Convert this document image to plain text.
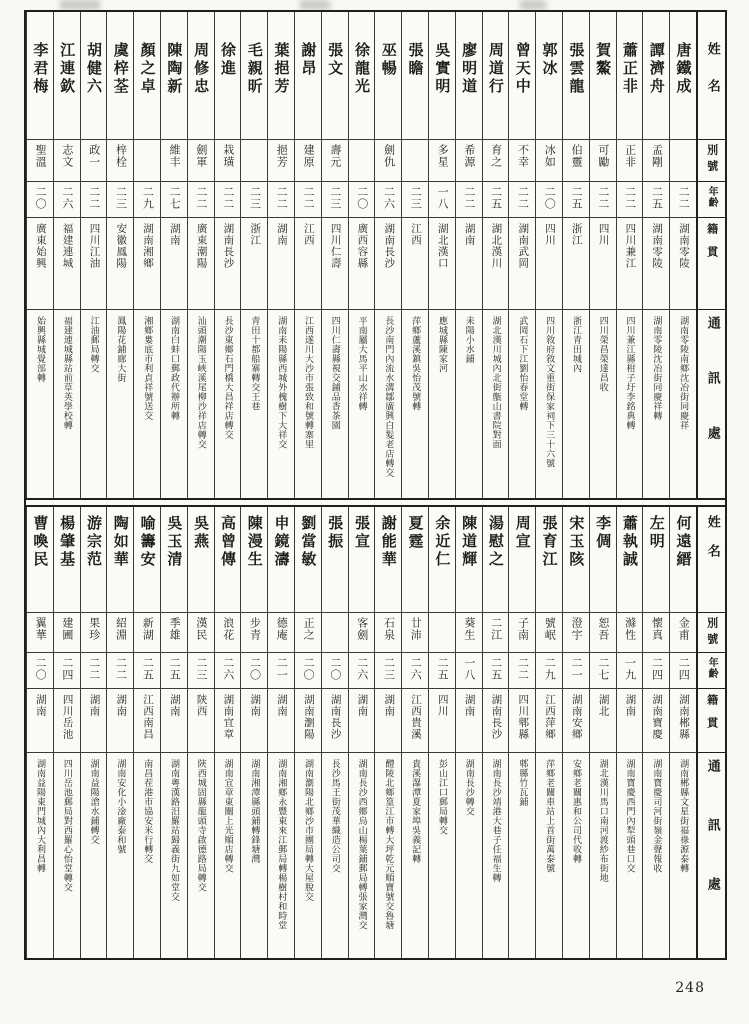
姓名
別號
年齡
籍貫
通訊處
唐鐵成
二二
湖南零陵
湖南零陵南鄉沈冶街同慶祥
譚濟舟
孟剛
二五
湖南零陵
湖南零陵沈冶街同慶祥轉
蕭正非
正非
二二
四川兼江
四川兼江縣柑子圩李銘典轉
賀鰲
可勵
二二
四川
四川榮昌榮達昌收
張雲龍
伯靈
二五
浙江
浙江青田城內
郭冰
冰如
二〇
四川
四川敘府敘文重街保家祠下三十六號
曾天中
不幸
二二
湖南武岡
武岡石下江劉怡春堂轉
周道行
育之
二五
湖北漢川
湖北漢川城內北街甑山書院對面
廖明道
希源
二二
湖南
耒陽小水鋪
吳實明
多星
一八
湖北漢口
應城縣陳家河
張瞻
二三
江西
萍鄉蘆溪鎮吳怡茂號轉
巫暢
劍仇
二六
湖南長沙
長沙南門內流水溝鄒廣興白髮老店轉交
徐龍光
二〇
廣西容縣
平南屬大馬平山水祥轉
張文
壽元
二三
四川仁壽
四川仁壽縣視交鋪品香茶園
謝昂
建原
二二
江西
江西遂川大沙市張致和號轉寨里
葉挹芳
挹芳
二二
湖南
湖南耒陽縣西城外槐樹下大祥交
毛親昕
二三
浙江
青田十都船寨轉交王巷
徐進
栽璜
二二
湖南長沙
長沙東鄉石門橋大昌祥店轉交
周修忠
劍軍
二二
廣東潮陽
汕頭潮陽玉峽溪尾柳沙祥店轉交
陳陶新
維丰
二七
湖南
湖南白蚌口郵政代辦所轉
顏之卓
二九
湖南湘鄉
湘鄉婁底市利貞祥號送交
虞梓荃
梓栓
二三
安徽鳳陽
鳳陽花鋪廊大街
胡健六
政一
二二
四川江油
江油郵局轉交
江連欽
志文
二六
福建連城
福建連城縣站前草英學校轉
李君梅
聖溫
二〇
廣東始興
始興縣城覺部轉
姓名
別號
年齡
籍貫
通訊處
何遠縉
金甫
二四
湖南郴縣
湖南郴縣文星街福祿源泰轉
左明
懷真
二四
湖南寶慶
湖南寶慶司河街嶺金聲報收
蕭執誠
滌性
一九
湖南
湖南寶慶西門內犁頭巷口交
李倜
恕吾
二七
湖北
湖北漢川馬口南河渡紗布街地
宋玉陔
澄宇
二一
湖南安鄉
安鄉老關惠和公司代收轉
張育江
號岷
二九
江西萍鄉
萍鄉老關車站上首街萬泰號
周宣
子南
二二
四川郫縣
郫縣竹瓦鋪
湯慰之
二江
二五
湖南長沙
湖南長沙靖港大巷子任福生轉
陳道輝
葵生
一八
湖南
湖南長沙轉交
余近仁
二五
四川
彭山江口郵局轉交
夏霆
廿沛
二六
江西貴溪
貴溪瀑潭夏家埠吳義記轉
謝能華
石泉
二三
湖南
醴陵北鄉篁江市轉大坪乾元順寶號交魯塘
張宣
客劍
二六
湖南
湖南長沙西鄉烏山楊葉鋪郵局轉張家灣交
張振
二〇
湖南長沙
長沙馬王街茂華織造公司交
劉當敏
正之
二〇
湖南瀏陽
湖南瀏陽北鄉沙市團局轉大屋脫交
申鏡濤
德庵
二一
湖南
湖南湘鄉永豐東來江郵局轉楊樹村和時堂
陳漫生
步青
二〇
湖南
湖南湘潭縣頭鋪轉鋒塘灣
高曾傳
浪花
二六
湖南宜章
湖南宜章東關上光順店轉交
吳燕
漢民
二三
陝西
陝西城固縣龍頭寺啟德路局轉交
吳玉清
季雄
二五
湖南
湖南粵漢路汨羅站歸義街九如堂交
喻籌安
新湖
二五
江西南昌
南昌茬港市協安米行轉交
陶如華
紹淵
二二
湖南
湖南安化小淦廠泰和號
游宗范
果珍
二二
湖南
湖南益陽滄水鋪轉交
楊肇基
建圃
二四
四川岳池
四川岳池郵局對西羅心怡堂轉交
曹喚民
翼華
二〇
湖南
湖南益陽東門城內大利昌轉
248
